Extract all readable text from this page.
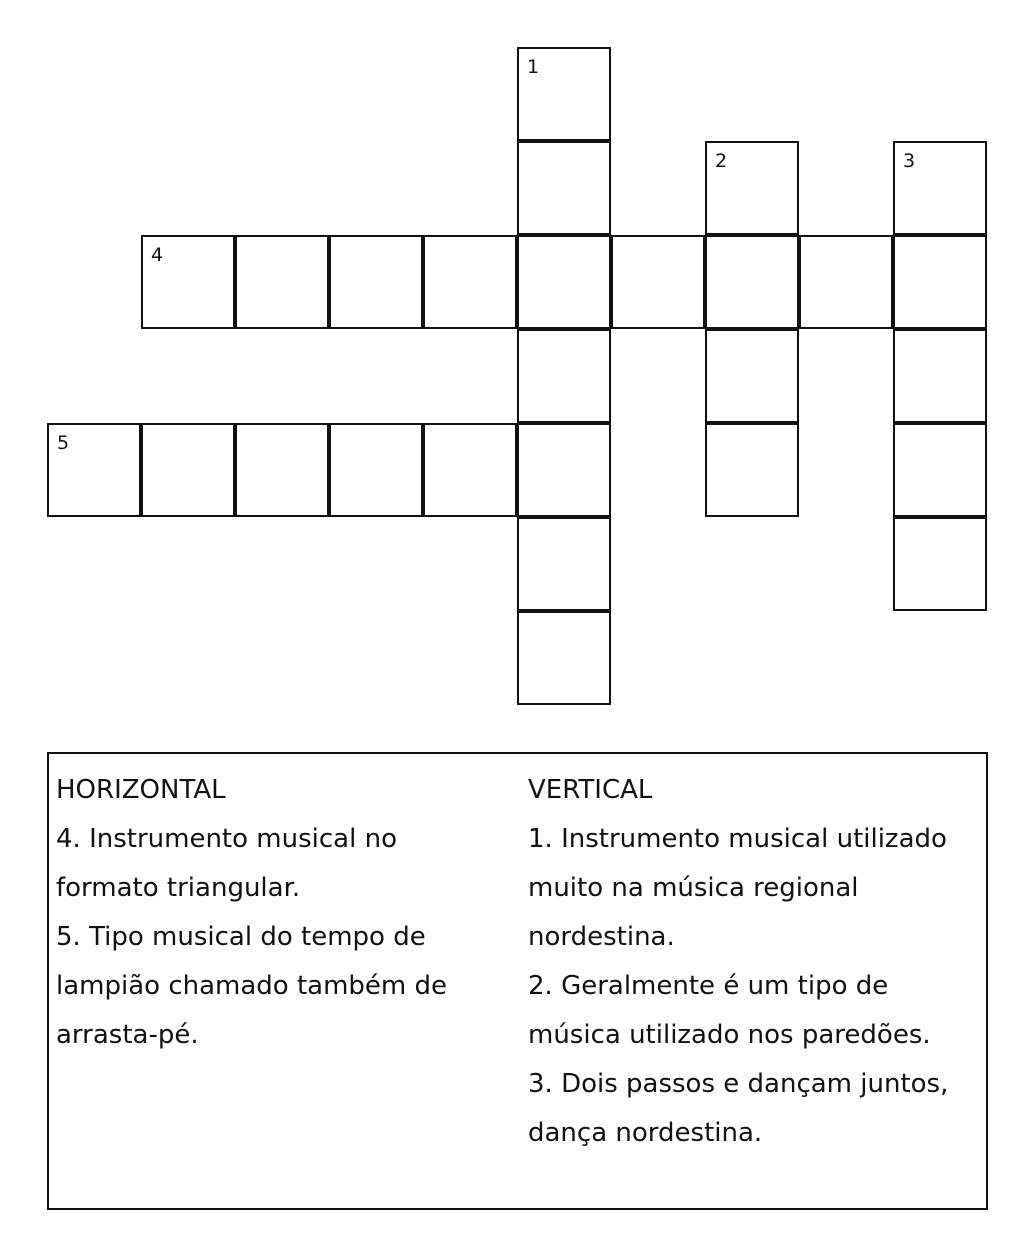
1
2	3
4
5
HORIZONTAL
4. Instrumento musical no
formato triangular.
5. Tipo musical do tempo de
lampião chamado também de
arrasta-pé.
VERTICAL
1. Instrumento musical utilizado
muito na música regional
nordestina.
2. Geralmente é um tipo de
música utilizado nos paredões.
3. Dois passos e dançam juntos,
dança nordestina.
